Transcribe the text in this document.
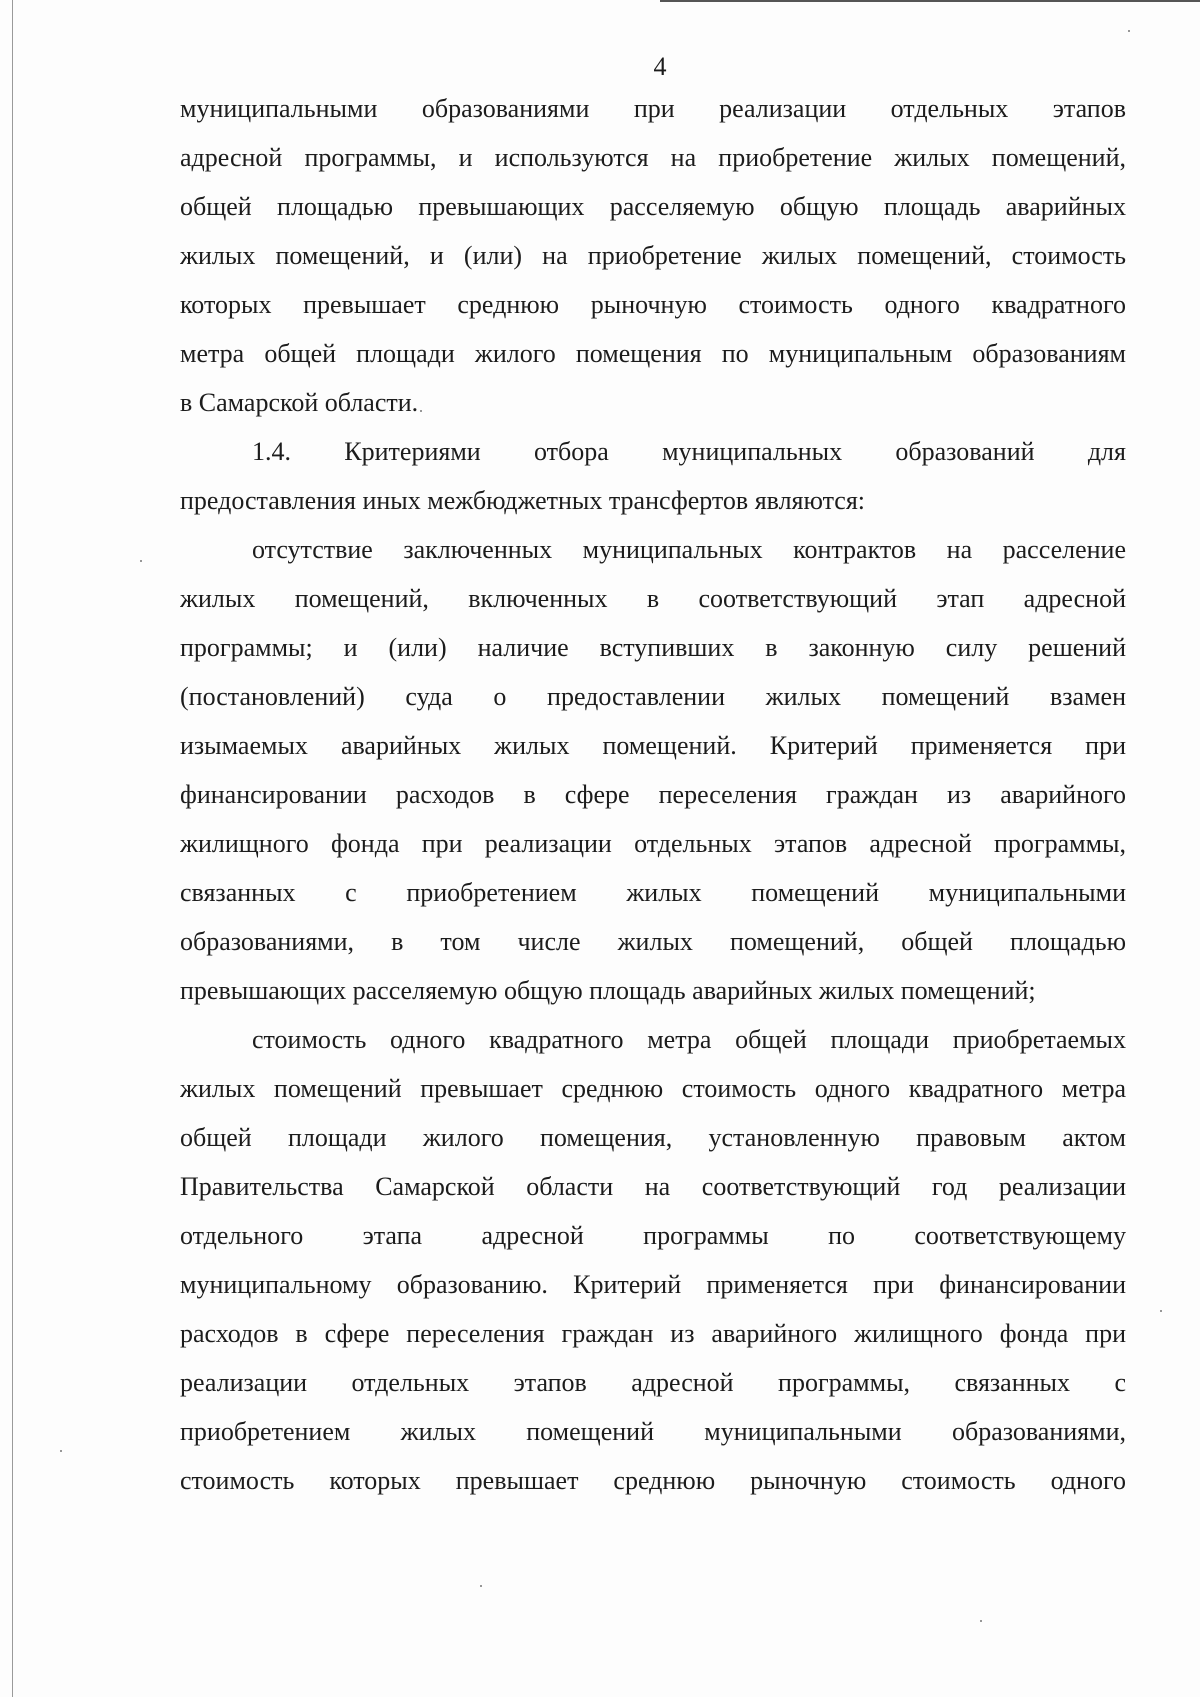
4
муниципальными образованиями при реализации отдельных этапов
адресной программы, и используются на приобретение жилых помещений,
общей площадью превышающих расселяемую общую площадь аварийных
жилых помещений, и (или) на приобретение жилых помещений, стоимость
которых превышает среднюю рыночную стоимость одного квадратного
метра общей площади жилого помещения по муниципальным образованиям
в Самарской области.
1.4. Критериями отбора муниципальных образований для
предоставления иных межбюджетных трансфертов являются:
отсутствие заключенных муниципальных контрактов на расселение
жилых помещений, включенных в соответствующий этап адресной
программы; и (или) наличие вступивших в законную силу решений
(постановлений) суда о предоставлении жилых помещений взамен
изымаемых аварийных жилых помещений. Критерий применяется при
финансировании расходов в сфере переселения граждан из аварийного
жилищного фонда при реализации отдельных этапов адресной программы,
связанных с приобретением жилых помещений муниципальными
образованиями, в том числе жилых помещений, общей площадью
превышающих расселяемую общую площадь аварийных жилых помещений;
стоимость одного квадратного метра общей площади приобретаемых
жилых помещений превышает среднюю стоимость одного квадратного метра
общей площади жилого помещения, установленную правовым актом
Правительства Самарской области на соответствующий год реализации
отдельного этапа адресной программы по соответствующему
муниципальному образованию. Критерий применяется при финансировании
расходов в сфере переселения граждан из аварийного жилищного фонда при
реализации отдельных этапов адресной программы, связанных с
приобретением жилых помещений муниципальными образованиями,
стоимость которых превышает среднюю рыночную стоимость одного
